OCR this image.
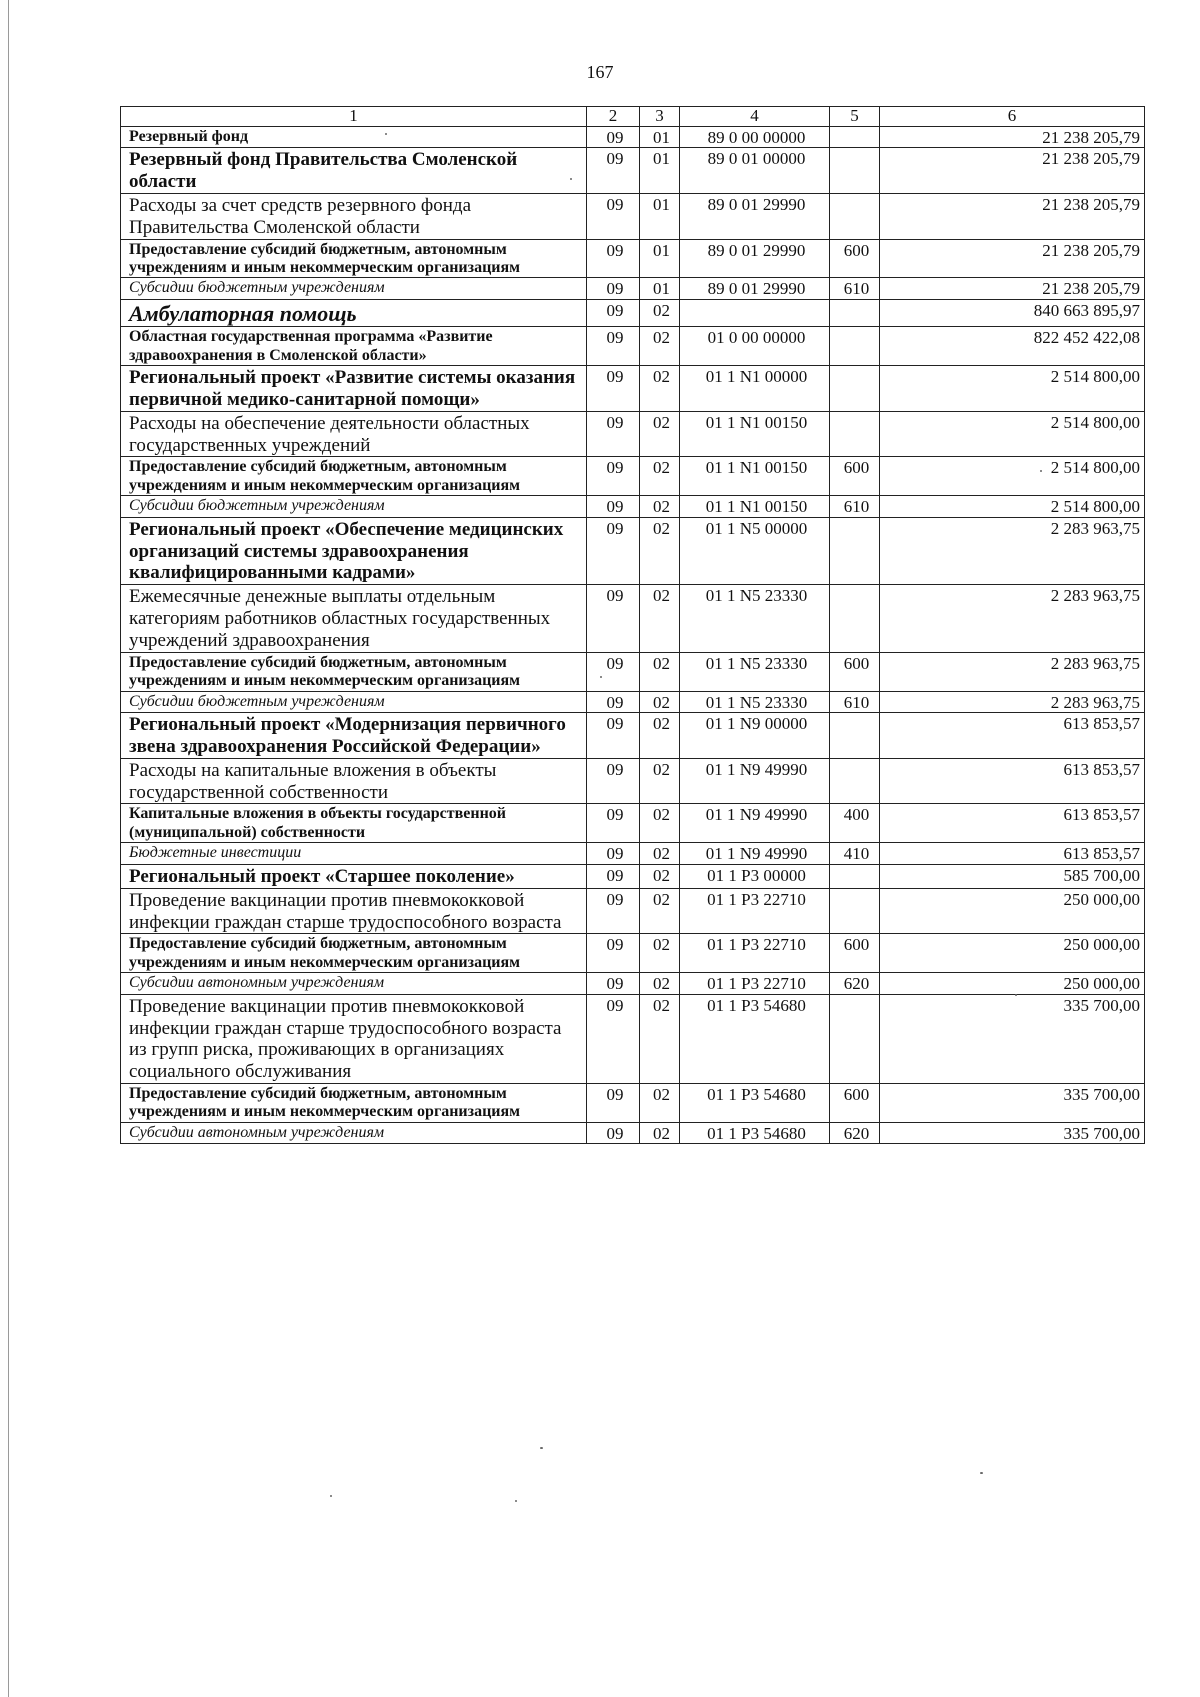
167
1	2	3	4	5	6
Резервный фонд	09	01	89 0 00 00000		21 238 205,79
Резервный фонд Правительства Смоленской области	09	01	89 0 01 00000		21 238 205,79
Расходы за счет средств резервного фонда Правительства Смоленской области	09	01	89 0 01 29990		21 238 205,79
Предоставление субсидий бюджетным, автономным учреждениям и иным некоммерческим организациям	09	01	89 0 01 29990	600	21 238 205,79
Субсидии бюджетным учреждениям	09	01	89 0 01 29990	610	21 238 205,79
Амбулаторная помощь	09	02			840 663 895,97
Областная государственная программа «Развитие здравоохранения в Смоленской области»	09	02	01 0 00 00000		822 452 422,08
Региональный проект «Развитие системы оказания первичной медико-санитарной помощи»	09	02	01 1 N1 00000		2 514 800,00
Расходы на обеспечение деятельности областных государственных учреждений	09	02	01 1 N1 00150		2 514 800,00
Предоставление субсидий бюджетным, автономным учреждениям и иным некоммерческим организациям	09	02	01 1 N1 00150	600	2 514 800,00
Субсидии бюджетным учреждениям	09	02	01 1 N1 00150	610	2 514 800,00
Региональный проект «Обеспечение медицинских организаций системы здравоохранения квалифицированными кадрами»	09	02	01 1 N5 00000		2 283 963,75
Ежемесячные денежные выплаты отдельным категориям работников областных государственных учреждений здравоохранения	09	02	01 1 N5 23330		2 283 963,75
Предоставление субсидий бюджетным, автономным учреждениям и иным некоммерческим организациям	09	02	01 1 N5 23330	600	2 283 963,75
Субсидии бюджетным учреждениям	09	02	01 1 N5 23330	610	2 283 963,75
Региональный проект «Модернизация первичного звена здравоохранения Российской Федерации»	09	02	01 1 N9 00000		613 853,57
Расходы на капитальные вложения в объекты государственной собственности	09	02	01 1 N9 49990		613 853,57
Капитальные вложения в объекты государственной (муниципальной) собственности	09	02	01 1 N9 49990	400	613 853,57
Бюджетные инвестиции	09	02	01 1 N9 49990	410	613 853,57
Региональный проект «Старшее поколение»	09	02	01 1 P3 00000		585 700,00
Проведение вакцинации против пневмококковой инфекции граждан старше трудоспособного возраста	09	02	01 1 P3 22710		250 000,00
Предоставление субсидий бюджетным, автономным учреждениям и иным некоммерческим организациям	09	02	01 1 P3 22710	600	250 000,00
Субсидии автономным учреждениям	09	02	01 1 P3 22710	620	250 000,00
Проведение вакцинации против пневмококковой инфекции граждан старше трудоспособного возраста из групп риска, проживающих в организациях социального обслуживания	09	02	01 1 P3 54680		335 700,00
Предоставление субсидий бюджетным, автономным учреждениям и иным некоммерческим организациям	09	02	01 1 P3 54680	600	335 700,00
Субсидии автономным учреждениям	09	02	01 1 P3 54680	620	335 700,00
